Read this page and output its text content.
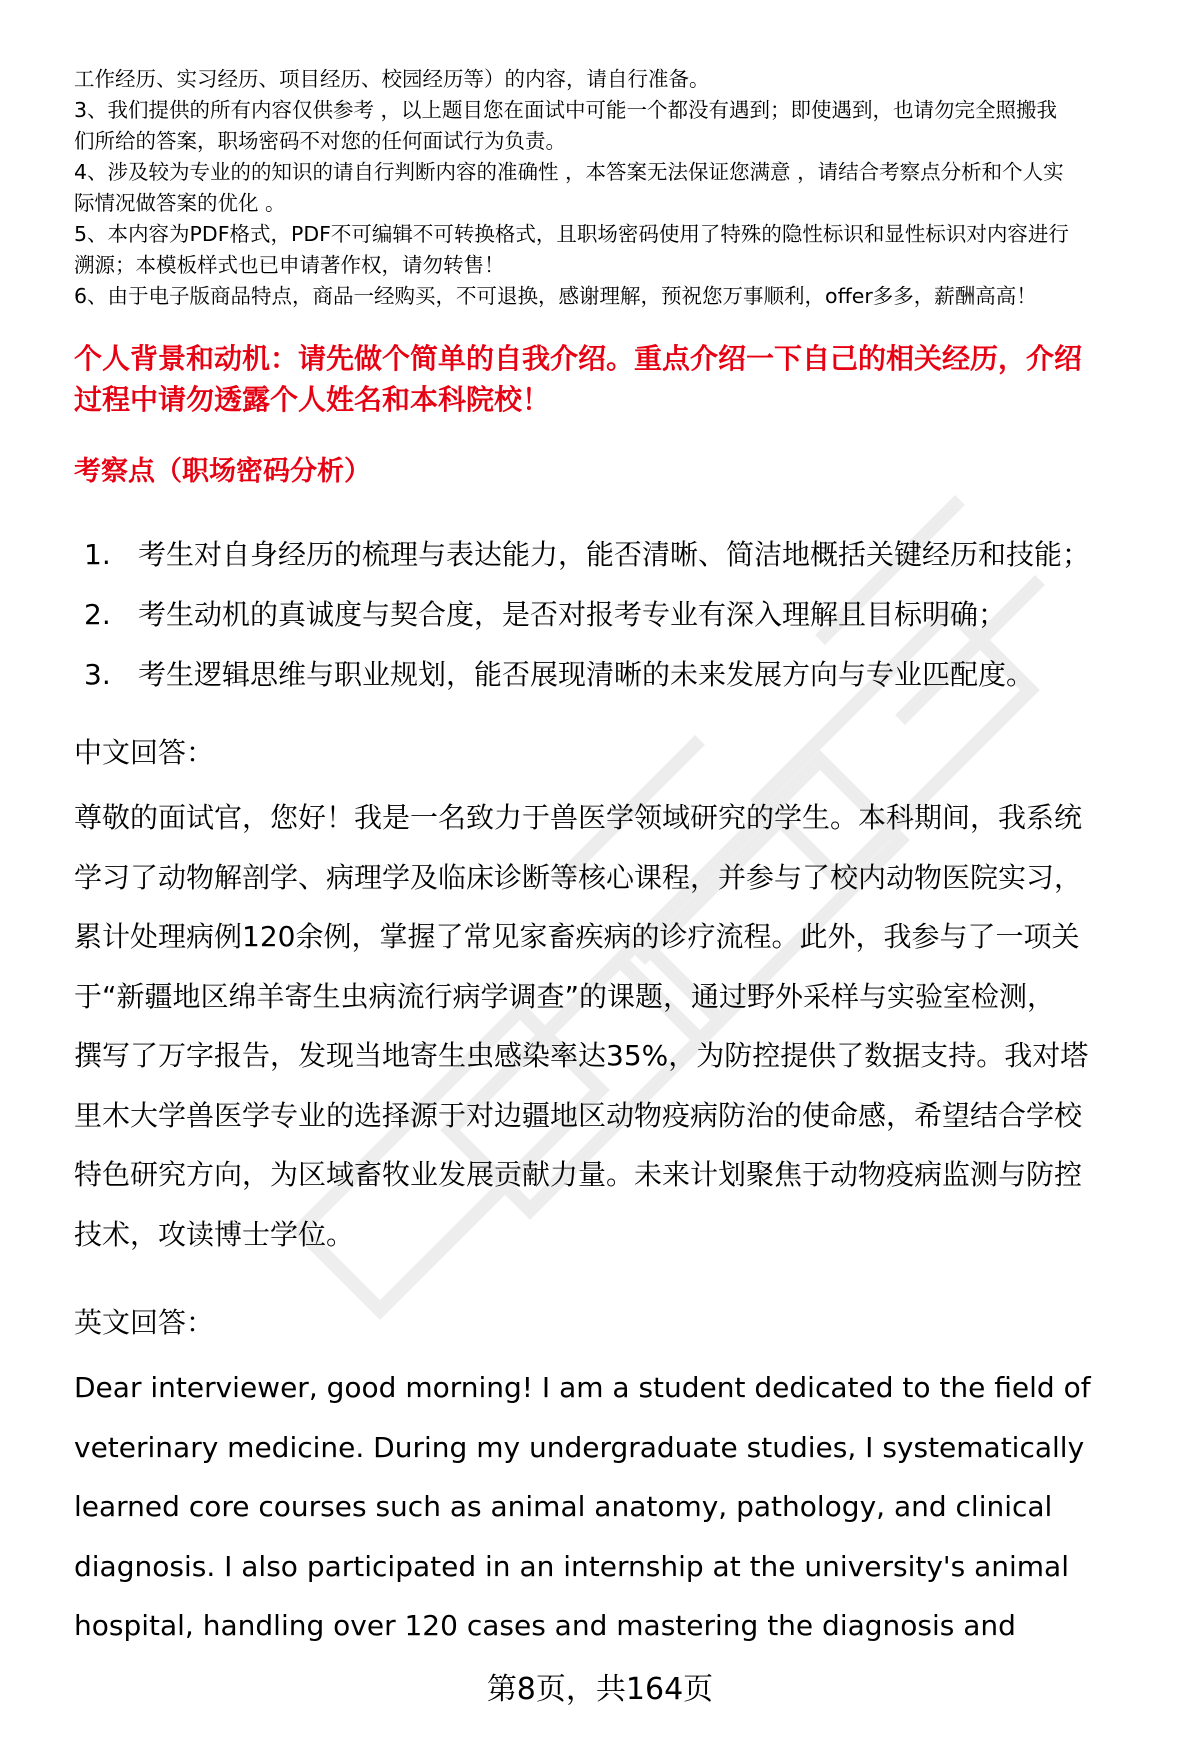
工作经历、实习经历、项目经历、校园经历等）的内容，请自行准备。

3、我们提供的所有内容仅供参考 ，以上题目您在面试中可能一个都没有遇到；即使遇到，也请勿完全照搬我

们所给的答案，职场密码不对您的任何面试行为负责。

4、涉及较为专业的的知识的请自行判断内容的准确性 ，本答案无法保证您满意 ，请结合考察点分析和个人实

际情况做答案的优化 。

5、本内容为PDF格式，PDF不可编辑不可转换格式，且职场密码使用了特殊的隐性标识和显性标识对内容进行

溯源；本模板样式也已申请著作权，请勿转售！

6、由于电子版商品特点，商品一经购买，不可退换，感谢理解，预祝您万事顺利，offer多多，薪酬高高！

个人背景和动机：请先做个简单的自我介绍。重点介绍一下自己的相关经历，介绍

过程中请勿透露个人姓名和本科院校！

考察点（职场密码分析）
1. 考生对自身经历的梳理与表达能力，能否清晰、简洁地概括关键经历和技能；
2. 考生动机的真诚度与契合度，是否对报考专业有深入理解且目标明确；
3. 考生逻辑思维与职业规划，能否展现清晰的未来发展方向与专业匹配度。
中文回答：

尊敬的面试官，您好！我是一名致力于兽医学领域研究的学生。本科期间，我系统
学习了动物解剖学、病理学及临床诊断等核心课程，并参与了校内动物医院实习，
累计处理病例120余例，掌握了常见家畜疾病的诊疗流程。此外，我参与了一项关
于“新疆地区绵羊寄生虫病流行病学调查”的课题，通过野外采样与实验室检测，
撰写了万字报告，发现当地寄生虫感染率达35%，为防控提供了数据支持。我对塔
里木大学兽医学专业的选择源于对边疆地区动物疫病防治的使命感，希望结合学校
特色研究方向，为区域畜牧业发展贡献力量。未来计划聚焦于动物疫病监测与防控
技术，攻读博士学位。

英文回答：

Dear interviewer, good morning! I am a student dedicated to the field of
veterinary medicine. During my undergraduate studies, I systematically
learned core courses such as animal anatomy, pathology, and clinical
diagnosis. I also participated in an internship at the university's animal
hospital, handling over 120 cases and mastering the diagnosis and

第8页，共164页
